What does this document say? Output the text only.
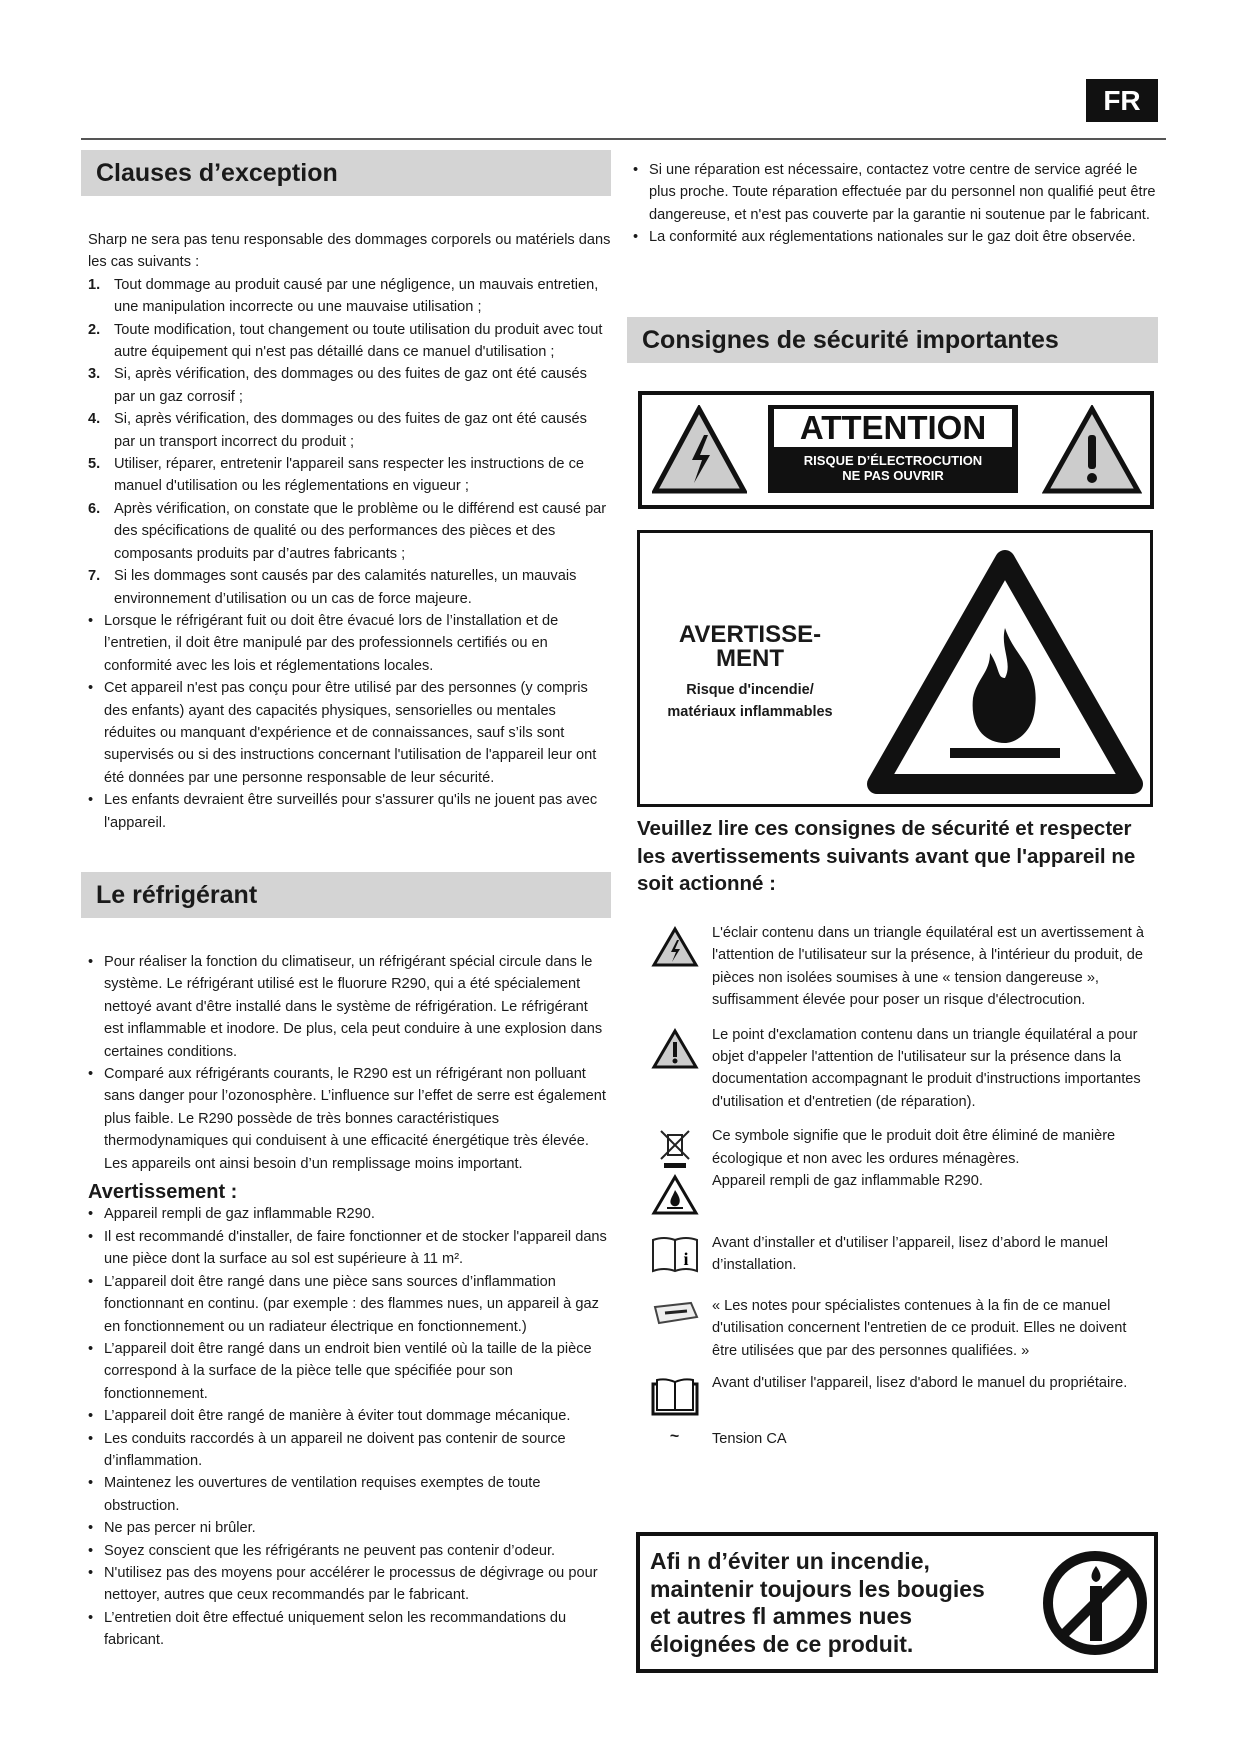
FR
Clauses d’exception

Sharp ne sera pas tenu responsable des dommages corporels ou matériels dans les cas suivants :

1. Tout dommage au produit causé par une négligence, un mauvais entretien, une manipulation incorrecte ou une mauvaise utilisation ;
2. Toute modification, tout changement ou toute utilisation du produit avec tout autre équipement qui n'est pas détaillé dans ce manuel d'utilisation ;
3. Si, après vérification, des dommages ou des fuites de gaz ont été causés par un gaz corrosif ;
4. Si, après vérification, des dommages ou des fuites de gaz ont été causés par un transport incorrect du produit ;
5. Utiliser, réparer, entretenir l'appareil sans respecter les instructions de ce manuel d'utilisation ou les réglementations en vigueur ;
6. Après vérification, on constate que le problème ou le différend est causé par des spécifications de qualité ou des performances des pièces et des composants produits par d’autres fabricants ;
7. Si les dommages sont causés par des calamités naturelles, un mauvais environnement d’utilisation ou un cas de force majeure.
• Lorsque le réfrigérant fuit ou doit être évacué lors de l’installation et de l’entretien, il doit être manipulé par des professionnels certifiés ou en conformité avec les lois et réglementations locales.
• Cet appareil n'est pas conçu pour être utilisé par des personnes (y compris des enfants) ayant des capacités physiques, sensorielles ou mentales réduites ou manquant d'expérience et de connaissances, sauf s’ils sont supervisés ou si des instructions concernant l'utilisation de l'appareil leur ont été données par une personne responsable de leur sécurité.
• Les enfants devraient être surveillés pour s'assurer qu'ils ne jouent pas avec l'appareil.
Le réfrigérant
• Pour réaliser la fonction du climatiseur, un réfrigérant spécial circule dans le système. Le réfrigérant utilisé est le fluorure R290, qui a été spécialement nettoyé avant d'être installé dans le système de réfrigération. Le réfrigérant est inflammable et inodore. De plus, cela peut conduire à une explosion dans certaines conditions.
• Comparé aux réfrigérants courants, le R290 est un réfrigérant non polluant sans danger pour l’ozonosphère. L’influence sur l’effet de serre est également plus faible. Le R290 possède de très bonnes caractéristiques thermodynamiques qui conduisent à une efficacité énergétique très élevée. Les appareils ont ainsi besoin d’un remplissage moins important.
Avertissement :
• Appareil rempli de gaz inflammable R290.
• Il est recommandé d'installer, de faire fonctionner et de stocker l'appareil dans une pièce dont la surface au sol est supérieure à 11 m².
• L’appareil doit être rangé dans une pièce sans sources d’inflammation fonctionnant en continu. (par exemple : des flammes nues, un appareil à gaz en fonctionnement ou un radiateur électrique en fonctionnement.)
• L’appareil doit être rangé dans un endroit bien ventilé où la taille de la pièce correspond à la surface de la pièce telle que spécifiée pour son fonctionnement.
• L’appareil doit être rangé de manière à éviter tout dommage mécanique.
• Les conduits raccordés à un appareil ne doivent pas contenir de source d’inflammation.
• Maintenez les ouvertures de ventilation requises exemptes de toute obstruction.
• Ne pas percer ni brûler.
• Soyez conscient que les réfrigérants ne peuvent pas contenir d’odeur.
• N'utilisez pas des moyens pour accélérer le processus de dégivrage ou pour nettoyer, autres que ceux recommandés par le fabricant.
• L’entretien doit être effectué uniquement selon les recommandations du fabricant.
• Si une réparation est nécessaire, contactez votre centre de service agréé le plus proche. Toute réparation effectuée par du personnel non qualifié peut être dangereuse, et n'est pas couverte par la garantie ni soutenue par le fabricant.
• La conformité aux réglementations nationales sur le gaz doit être observée.
Consignes de sécurité importantes
ATTENTION
RISQUE D’ÉLECTROCUTION
NE PAS OUVRIR
AVERTISSE-
MENT
Risque d'incendie/
matériaux inflammables
Veuillez lire ces consignes de sécurité et respecter les avertissements suivants avant que l'appareil ne soit actionné :
L'éclair contenu dans un triangle équilatéral est un avertissement à l'attention de l'utilisateur sur la présence, à l'intérieur du produit, de pièces non isolées soumises à une « tension dangereuse », suffisamment élevée pour poser un risque d'électrocution.
Le point d'exclamation contenu dans un triangle équilatéral a pour objet d'appeler l'attention de l'utilisateur sur la présence dans la documentation accompagnant le produit d'instructions importantes d'utilisation et d'entretien (de réparation).
Ce symbole signifie que le produit doit être éliminé de manière écologique et non avec les ordures ménagères.
Appareil rempli de gaz inflammable R290.
i
Avant d’installer et d'utiliser l’appareil, lisez d’abord le manuel d’installation.
« Les notes pour spécialistes contenues à la fin de ce manuel d'utilisation concernent l'entretien de ce produit. Elles ne doivent être utilisées que par des personnes qualifiées. »
Avant d'utiliser l'appareil, lisez d'abord le manuel du propriétaire.
~	Tension CA
Afi n d’éviter un incendie, maintenir toujours les bougies et autres fl ammes nues éloignées de ce produit.
